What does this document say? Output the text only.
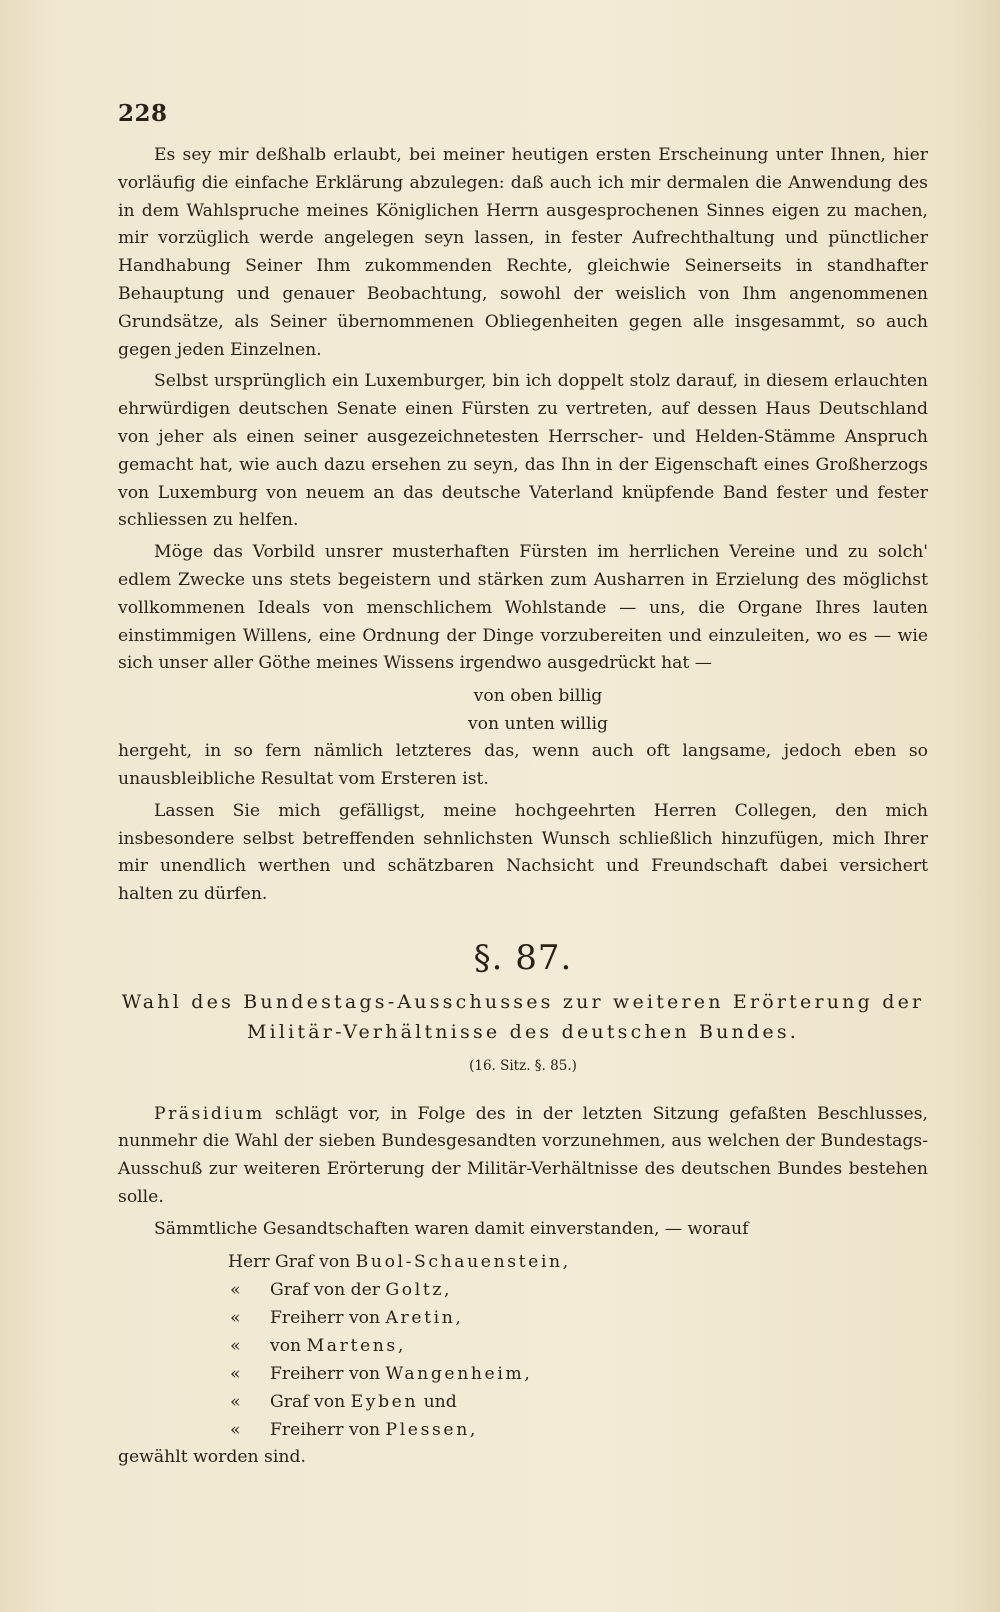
228

Es sey mir deßhalb erlaubt, bei meiner heutigen ersten Erscheinung unter Ihnen, hier vorläufig die einfache Erklärung abzulegen: daß auch ich mir dermalen die Anwendung des in dem Wahlspruche meines Königlichen Herrn ausgesprochenen Sinnes eigen zu machen, mir vorzüglich werde angelegen seyn lassen, in fester Aufrechthaltung und pünctlicher Handhabung Seiner Ihm zukommenden Rechte, gleichwie Seinerseits in standhafter Behauptung und genauer Beobachtung, sowohl der weislich von Ihm angenommenen Grundsätze, als Seiner übernommenen Obliegenheiten gegen alle insgesammt, so auch gegen jeden Einzelnen.

Selbst ursprünglich ein Luxemburger, bin ich doppelt stolz darauf, in diesem erlauchten ehrwürdigen deutschen Senate einen Fürsten zu vertreten, auf dessen Haus Deutschland von jeher als einen seiner ausgezeichnetesten Herrscher- und Helden-Stämme Anspruch gemacht hat, wie auch dazu ersehen zu seyn, das Ihn in der Eigenschaft eines Großherzogs von Luxemburg von neuem an das deutsche Vaterland knüpfende Band fester und fester schliessen zu helfen.

Möge das Vorbild unsrer musterhaften Fürsten im herrlichen Vereine und zu solch' edlem Zwecke uns stets begeistern und stärken zum Ausharren in Erzielung des möglichst vollkommenen Ideals von menschlichem Wohlstande — uns, die Organe Ihres lauten einstimmigen Willens, eine Ordnung der Dinge vorzubereiten und einzuleiten, wo es — wie sich unser aller Göthe meines Wissens irgendwo ausgedrückt hat —

von oben billig

von unten willig

hergeht, in so fern nämlich letzteres das, wenn auch oft langsame, jedoch eben so unausbleibliche Resultat vom Ersteren ist.

Lassen Sie mich gefälligst, meine hochgeehrten Herren Collegen, den mich insbesondere selbst betreffenden sehnlichsten Wunsch schließlich hinzufügen, mich Ihrer mir unendlich werthen und schätzbaren Nachsicht und Freundschaft dabei versichert halten zu dürfen.

§. 87.

Wahl des Bundestags-Ausschusses zur weiteren Erörterung der

Militär-Verhältnisse des deutschen Bundes.

(16. Sitz. §. 85.)

Präsidium schlägt vor, in Folge des in der letzten Sitzung gefaßten Beschlusses, nunmehr die Wahl der sieben Bundesgesandten vorzunehmen, aus welchen der Bundestags-Ausschuß zur weiteren Erörterung der Militär-Verhältnisse des deutschen Bundes bestehen solle.

Sämmtliche Gesandtschaften waren damit einverstanden, — worauf

Herr Graf von Buol-Schauenstein,
« Graf von der Goltz,
« Freiherr von Aretin,
« von Martens,
« Freiherr von Wangenheim,
« Graf von Eyben und
« Freiherr von Plessen,

gewählt worden sind.
